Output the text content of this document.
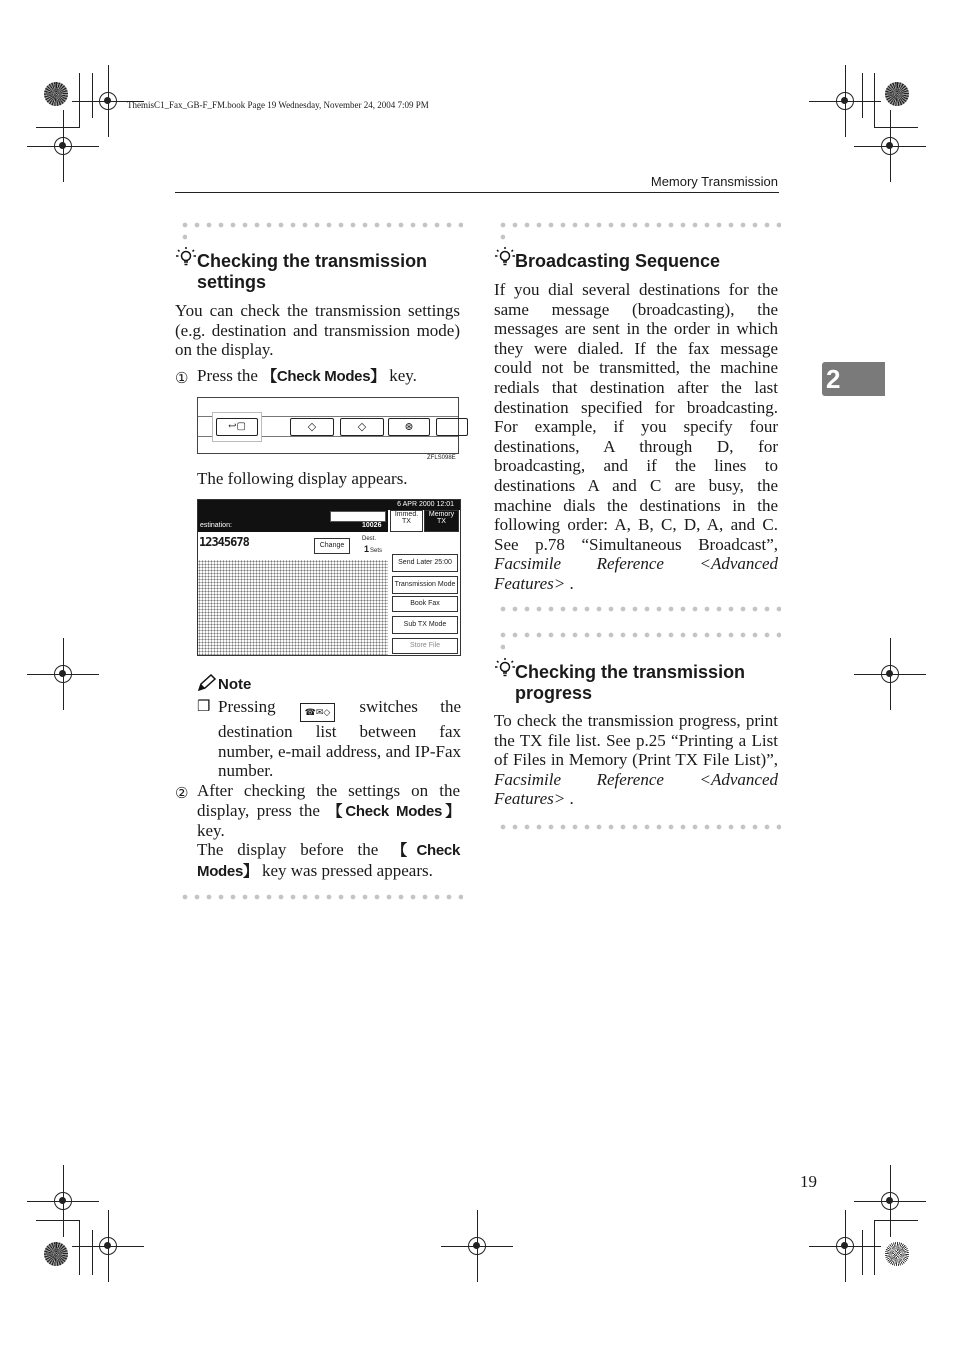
ThemisC1_Fax_GB-F_FM.book Page 19 Wednesday, November 24, 2004 7:09 PM
Memory Transmission
2
Checking the transmission settings
You can check the transmission settings (e.g. destination and transmission mode) on the display.
① Press the 【Check Modes】 key.
↩▢	◇	◇	⊛
ZFLS098E
The following display appears.
6 APR 2000 12:01
estination:	10026
Immed.
TX
Memory
TX
12345678	Change
Dest.
1 Sets
Send Later 25:00
Transmission Mode
Book Fax
Sub TX Mode
Store File
Note
❒ Pressing	☎✉◇ switches the destination list between fax number, e-mail address, and IP-Fax number.
② After checking the settings on the display, press the 【Check Modes】 key.
The display before the 【Check Modes】 key was pressed appears.
Broadcasting Sequence
If you dial several destinations for the same message (broadcasting), the messages are sent in the order in which they were dialed. If the fax message could not be transmitted, the machine redials that destination after the last destination specified for broadcasting. For example, if you specify four destinations, A through D, for broadcasting, and if the lines to destinations A and C are busy, the machine dials the destinations in the following order: A, B, C, D, A, and C. See p.78 “Simultaneous Broadcast”, Facsimile Reference <Advanced Features> .
Checking the transmission progress
To check the transmission progress, print the TX file list. See p.25 “Printing a List of Files in Memory (Print TX File List)”, Facsimile Reference <Advanced Features> .
19
